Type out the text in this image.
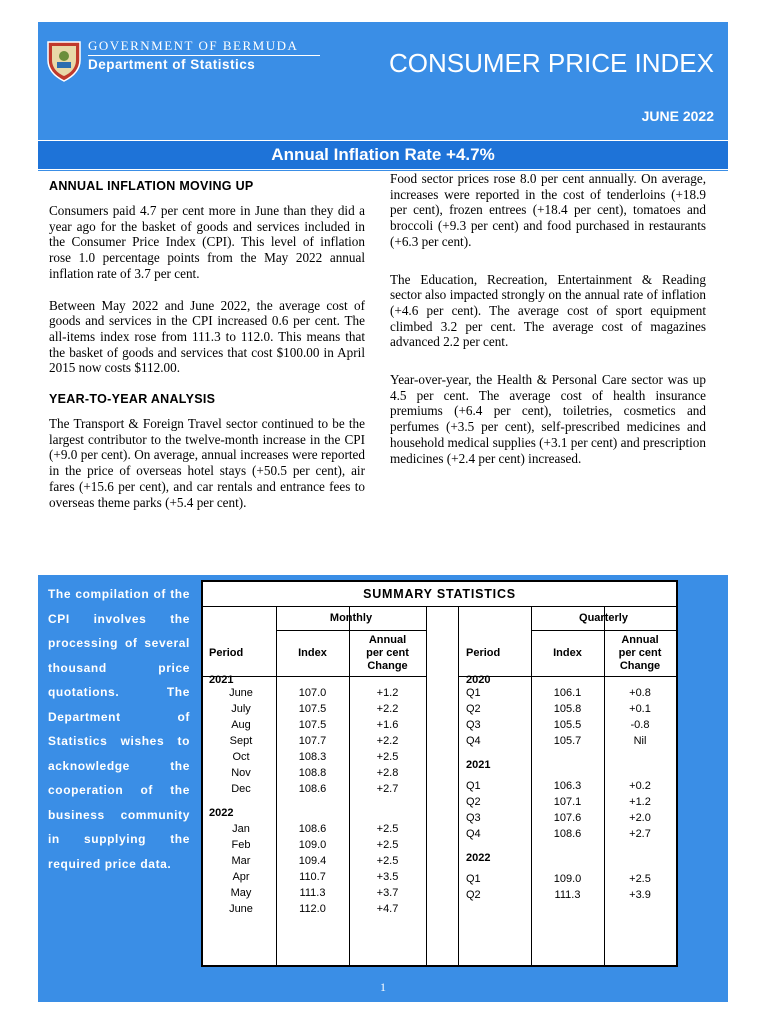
GOVERNMENT OF BERMUDA
Department of Statistics	CONSUMER PRICE INDEX
JUNE 2022
Annual Inflation Rate +4.7%
ANNUAL INFLATION MOVING UP

Consumers paid 4.7 per cent more in June than they did a year ago for the basket of goods and services included in the Consumer Price Index (CPI). This level of inflation rose 1.0 percentage points from the May 2022 annual inflation rate of 3.7 per cent.

Between May 2022 and June 2022, the average cost of goods and services in the CPI increased 0.6 per cent. The all-items index rose from 111.3 to 112.0. This means that the basket of goods and services that cost $100.00 in April 2015 now costs $112.00.

YEAR-TO-YEAR ANALYSIS

The Transport & Foreign Travel sector continued to be the largest contributor to the twelve-month increase in the CPI (+9.0 per cent). On average, annual increases were reported in the price of overseas hotel stays (+50.5 per cent), air fares (+15.6 per cent), and car rentals and entrance fees to overseas theme parks (+5.4 per cent).

Food sector prices rose 8.0 per cent annually. On average, increases were reported in the cost of tenderloins (+18.9 per cent), frozen entrees (+18.4 per cent), tomatoes and broccoli (+9.3 per cent) and food purchased in restaurants (+6.3 per cent).

The Education, Recreation, Entertainment & Reading sector also impacted strongly on the annual rate of inflation (+4.6 per cent). The average cost of sport equipment climbed 3.2 per cent. The average cost of magazines advanced 2.2 per cent.

Year-over-year, the Health & Personal Care sector was up 4.5 per cent. The average cost of health insurance premiums (+6.4 per cent), toiletries, cosmetics and perfumes (+3.5 per cent), self-prescribed medicines and household medical supplies (+3.1 per cent) and prescription medicines (+2.4 per cent) increased.

The compilation of the CPI involves the processing of several thousand price quotations. The Department of Statistics wishes to acknowledge the cooperation of the business community in supplying the required price data.
SUMMARY STATISTICS
Monthly	Quarterly
Period	Index
Annual
per cent
Change
Period	Index
Annual
per cent
Change
2021
June	107.0	+1.2
July	107.5	+2.2
Aug	107.5	+1.6
Sept	107.7	+2.2
Oct	108.3	+2.5
Nov	108.8	+2.8
Dec	108.6	+2.7
2022
Jan	108.6	+2.5
Feb	109.0	+2.5
Mar	109.4	+2.5
Apr	110.7	+3.5
May	111.3	+3.7
June	112.0	+4.7
2020
Q1	106.1	+0.8
Q2	105.8	+0.1
Q3	105.5	-0.8
Q4	105.7	Nil
2021
Q1	106.3	+0.2
Q2	107.1	+1.2
Q3	107.6	+2.0
Q4	108.6	+2.7
2022
Q1	109.0	+2.5
Q2	111.3	+3.9
1
